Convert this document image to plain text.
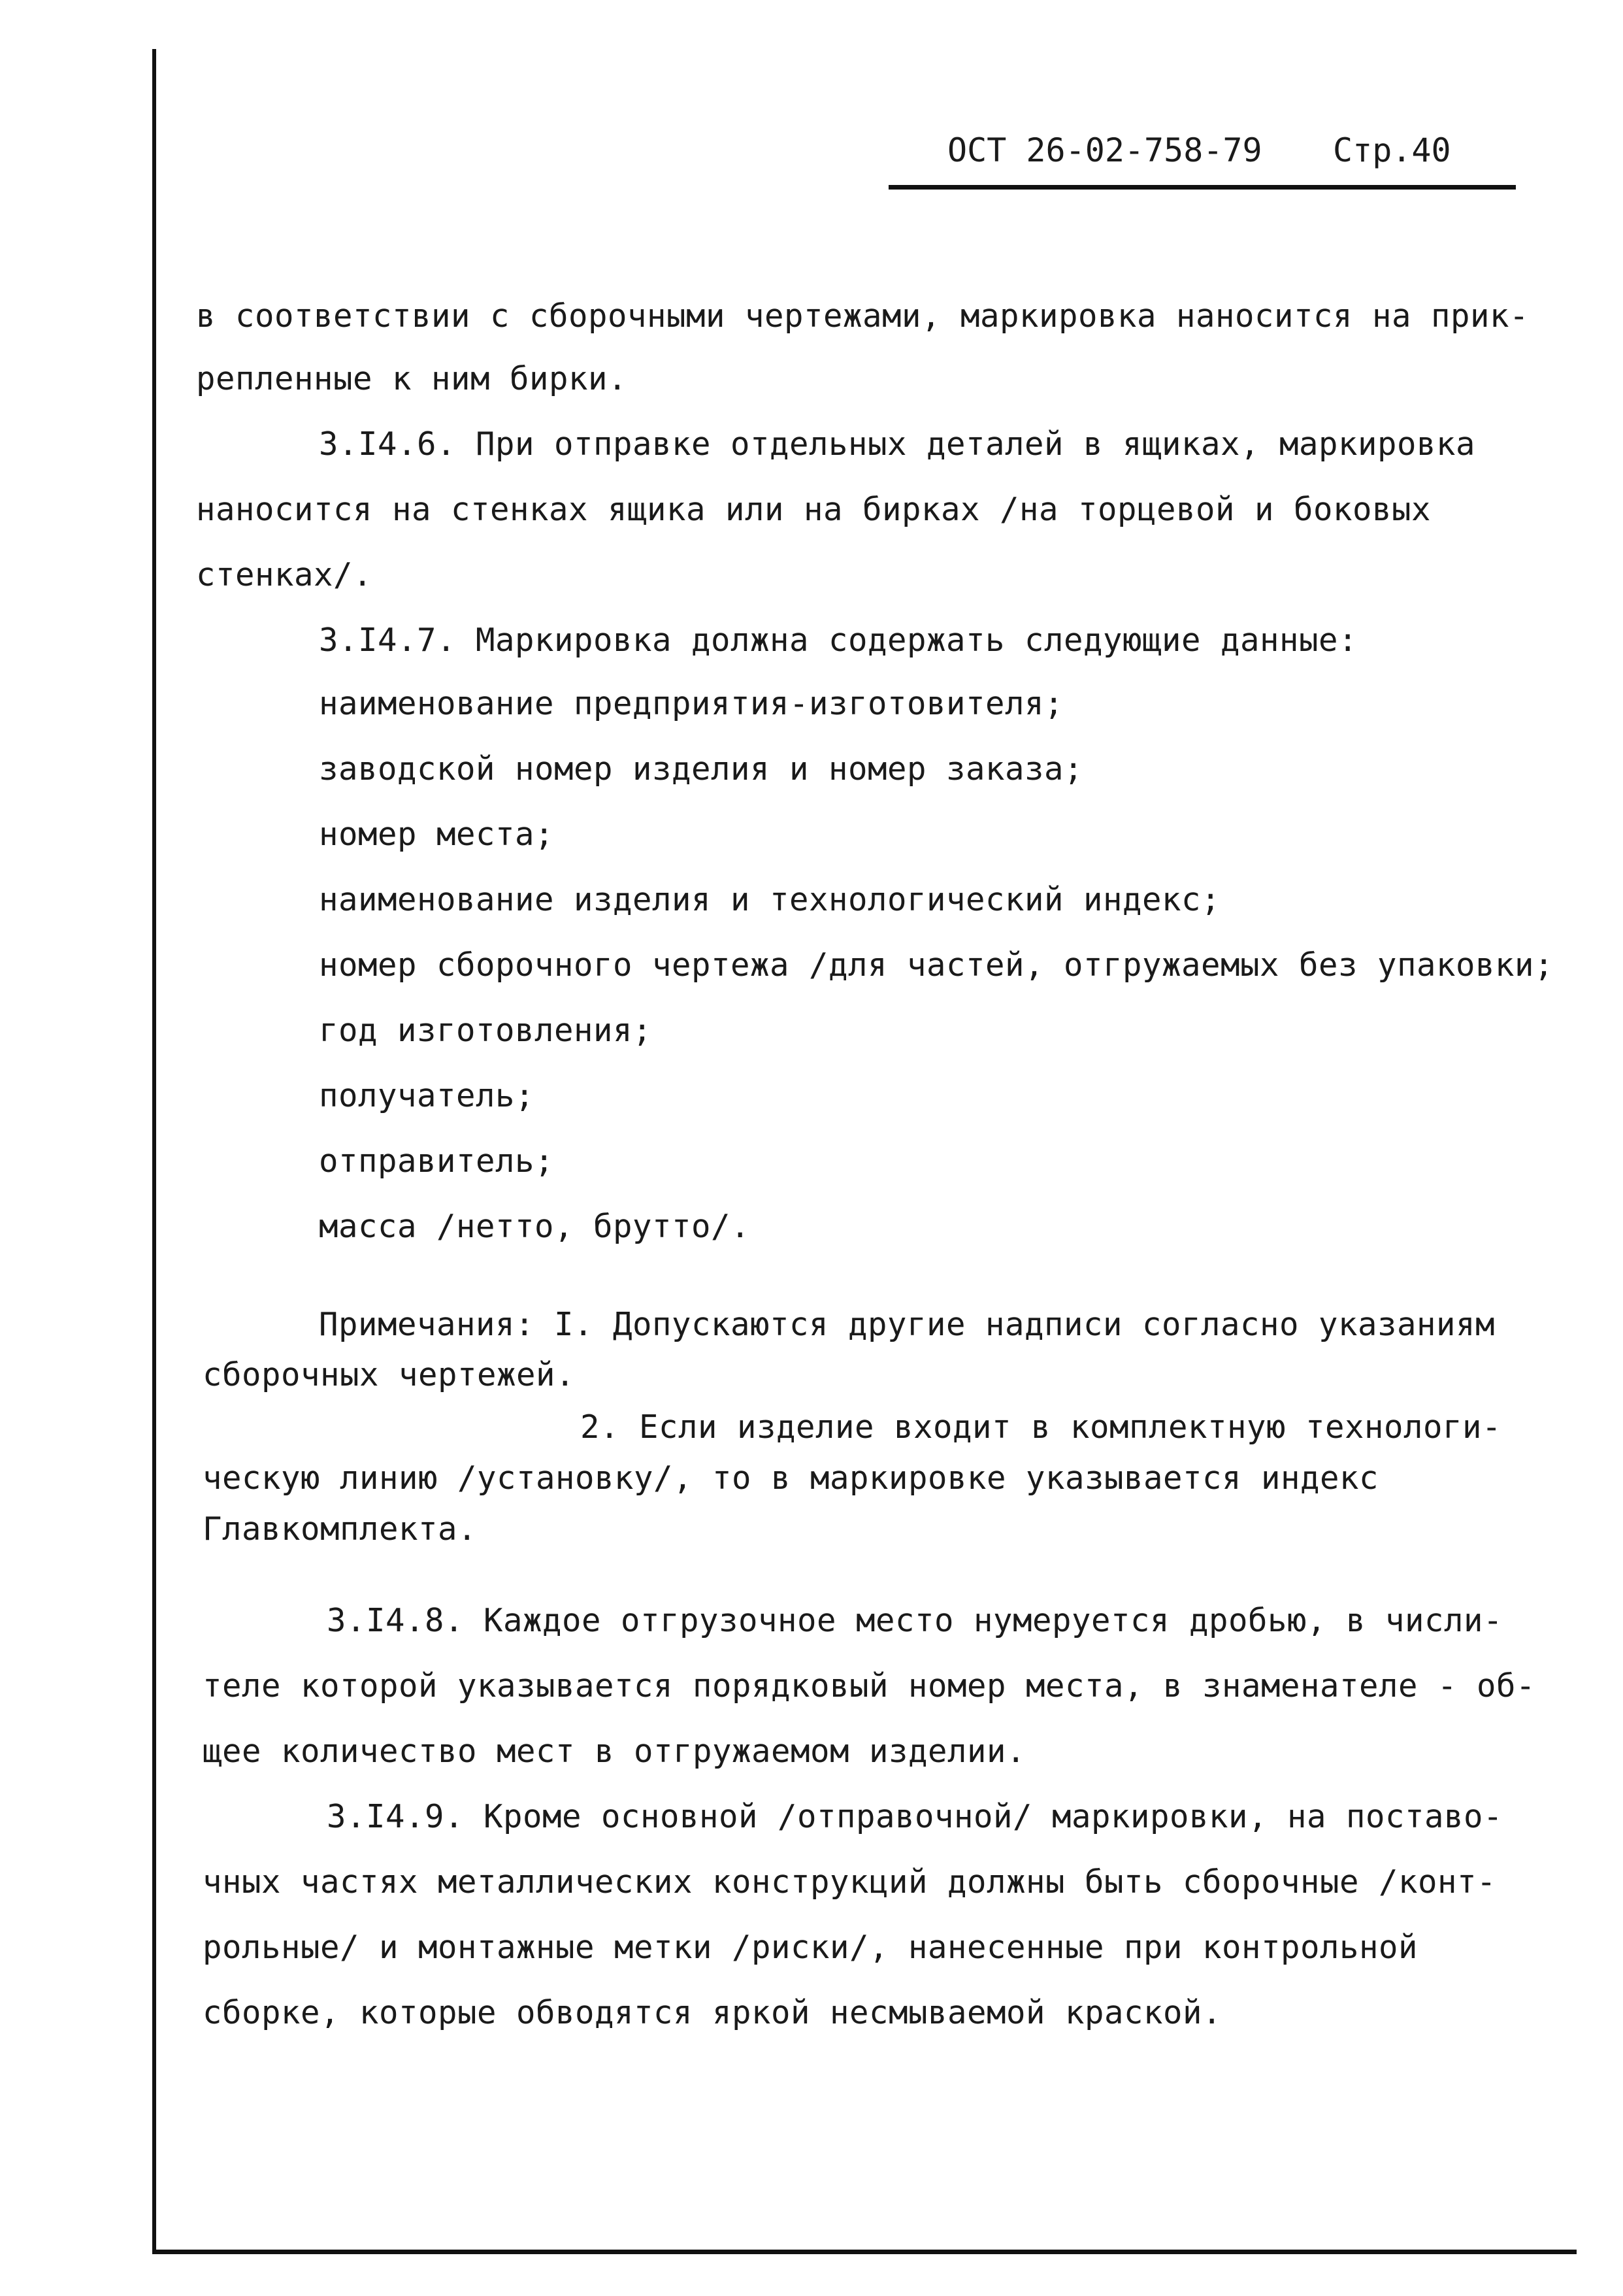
ОСТ 26-02-758-79 Стр.40
в соответствии с сборочными чертежами, маркировка наносится на прик-
репленные к ним бирки.
3.I4.6. При отправке отдельных деталей в ящиках, маркировка
наносится на стенках ящика или на бирках /на торцевой и боковых
стенках/.
3.I4.7. Маркировка должна содержать следующие данные:
наименование предприятия-изготовителя;
заводской номер изделия и номер заказа;
номер места;
наименование изделия и технологический индекс;
номер сборочного чертежа /для частей, отгружаемых без упаковки;
год изготовления;
получатель;
отправитель;
масса /нетто, брутто/.
Примечания: I. Допускаются другие надписи согласно указаниям
сборочных чертежей.
2. Если изделие входит в комплектную технологи-
ческую линию /установку/, то в маркировке указывается индекс
Главкомплекта.
3.I4.8. Каждое отгрузочное место нумеруется дробью, в числи-
теле которой указывается порядковый номер места, в знаменателе - об-
щее количество мест в отгружаемом изделии.
3.I4.9. Кроме основной /отправочной/ маркировки, на поставо-
чных частях металлических конструкций должны быть сборочные /конт-
рольные/ и монтажные метки /риски/, нанесенные при контрольной
сборке, которые обводятся яркой несмываемой краской.
